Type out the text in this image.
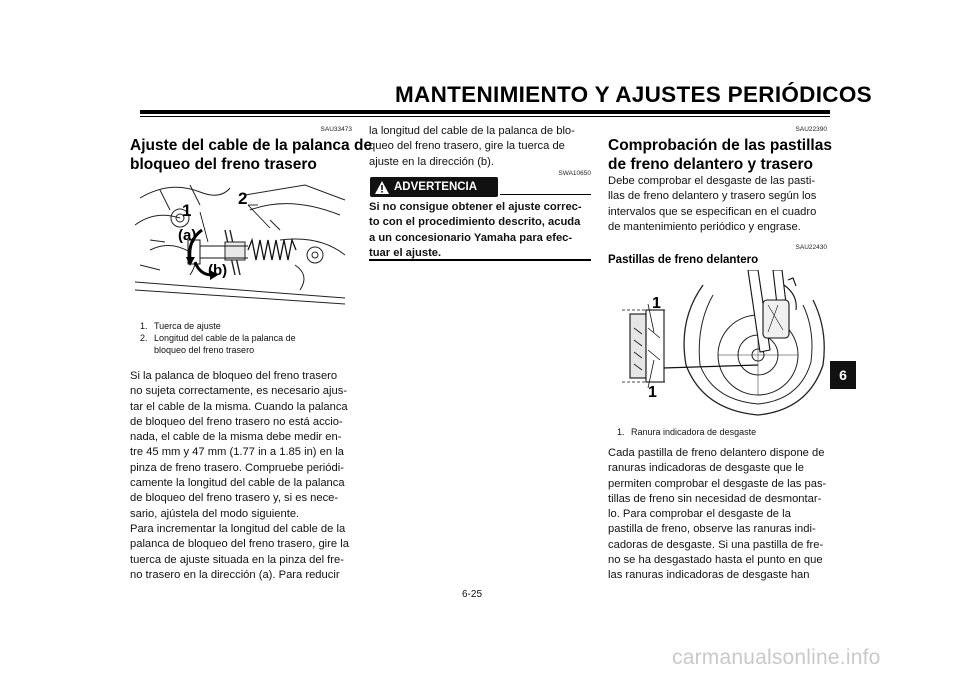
MANTENIMIENTO Y AJUSTES PERIÓDICOS
6
SAU33473
Ajuste del cable de la palanca de
bloqueo del freno trasero
1
2
(a)
(b)
1. Tuerca de ajuste
2. Longitud del cable de la palanca de
bloqueo del freno trasero
Si la palanca de bloqueo del freno trasero
no sujeta correctamente, es necesario ajus-
tar el cable de la misma. Cuando la palanca
de bloqueo del freno trasero no está accio-
nada, el cable de la misma debe medir en-
tre 45 mm y 47 mm (1.77 in a 1.85 in) en la
pinza de freno trasero. Compruebe periódi-
camente la longitud del cable de la palanca
de bloqueo del freno trasero y, si es nece-
sario, ajústela del modo siguiente.
Para incrementar la longitud del cable de la
palanca de bloqueo del freno trasero, gire la
tuerca de ajuste situada en la pinza del fre-
no trasero en la dirección (a). Para reducir
la longitud del cable de la palanca de blo-
queo del freno trasero, gire la tuerca de
ajuste en la dirección (b).
SWA10650
ADVERTENCIA
Si no consigue obtener el ajuste correc-
to con el procedimiento descrito, acuda
a un concesionario Yamaha para efec-
tuar el ajuste.
SAU22390
Comprobación de las pastillas
de freno delantero y trasero
Debe comprobar el desgaste de las pasti-
llas de freno delantero y trasero según los
intervalos que se especifican en el cuadro
de mantenimiento periódico y engrase.
SAU22430
Pastillas de freno delantero
1
1
1. Ranura indicadora de desgaste
Cada pastilla de freno delantero dispone de
ranuras indicadoras de desgaste que le
permiten comprobar el desgaste de las pas-
tillas de freno sin necesidad de desmontar-
lo. Para comprobar el desgaste de la
pastilla de freno, observe las ranuras indi-
cadoras de desgaste. Si una pastilla de fre-
no se ha desgastado hasta el punto en que
las ranuras indicadoras de desgaste han
6-25
carmanualsonline.info
